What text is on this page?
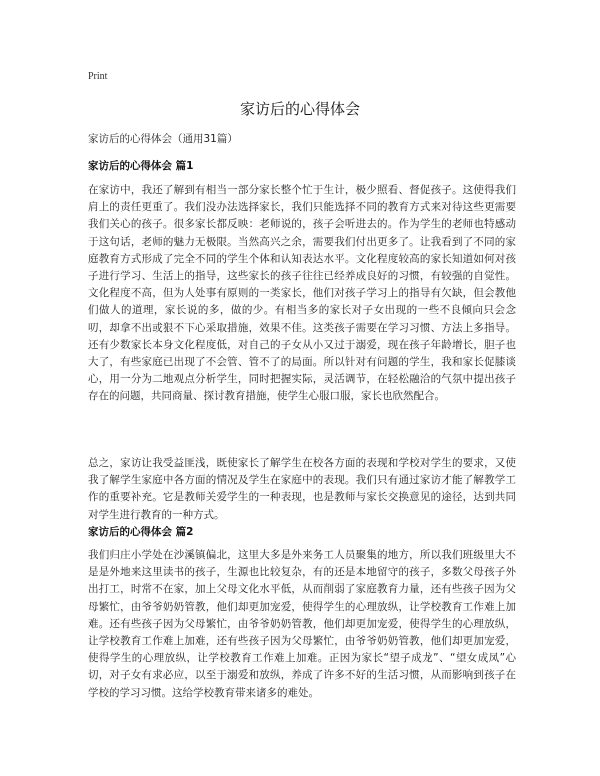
Print
家访后的心得体会
家访后的心得体会（通用31篇）
家访后的心得体会 篇1

在家访中，我还了解到有相当一部分家长整个忙于生计，极少照看、督促孩子。这使得我们肩上的责任更重了。我们没办法选择家长，我们只能选择不同的教育方式来对待这些更需要我们关心的孩子。很多家长都反映：老师说的，孩子会听进去的。作为学生的老师也特感动于这句话，老师的魅力无极限。当然高兴之余，需要我们付出更多了。让我看到了不同的家庭教育方式形成了完全不同的学生个体和认知表达水平。文化程度较高的家长知道如何对孩子进行学习、生活上的指导，这些家长的孩子往往已经养成良好的习惯，有较强的自觉性。文化程度不高，但为人处事有原则的一类家长，他们对孩子学习上的指导有欠缺，但会教他们做人的道理，家长说的多，做的少。有相当多的家长对子女出现的一些不良倾向只会念叨，却拿不出或狠不下心采取措施，效果不佳。这类孩子需要在学习习惯、方法上多指导。还有少数家长本身文化程度低，对自己的子女从小又过于溺爱，现在孩子年龄增长，胆子也大了，有些家庭已出现了不会管、管不了的局面。所以针对有问题的学生，我和家长促膝谈心，用一分为二地观点分析学生，同时把握实际，灵活调节，在轻松融洽的气氛中提出孩子存在的问题，共同商量、探讨教育措施，使学生心服口服，家长也欣然配合。

总之，家访让我受益匪浅，既使家长了解学生在校各方面的表现和学校对学生的要求，又使我了解学生家庭中各方面的情况及学生在家庭中的表现。我们只有通过家访才能了解教学工作的重要补充。它是教师关爱学生的一种表现，也是教师与家长交换意见的途径，达到共同对学生进行教育的一种方式。

家访后的心得体会 篇2

我们归庄小学处在沙溪镇偏北，这里大多是外来务工人员聚集的地方，所以我们班级里大不是是外地来这里读书的孩子，生源也比较复杂，有的还是本地留守的孩子，多数父母孩子外出打工，时常不在家，加上父母文化水平低，从而削弱了家庭教育力量，还有些孩子因为父母繁忙，由爷爷奶奶管教，他们却更加宠爱，使得学生的心理放纵，让学校教育工作难上加难。还有些孩子因为父母繁忙，由爷爷奶奶管教，他们却更加宠爱，使得学生的心理放纵，让学校教育工作难上加难，还有些孩子因为父母繁忙，由爷爷奶奶管教，他们却更加宠爱，使得学生的心理放纵，让学校教育工作难上加难。正因为家长“望子成龙”、“望女成凤”心切，对子女有求必应，以至于溺爱和放纵，养成了许多不好的生活习惯，从而影响到孩子在学校的学习习惯。这给学校教育带来诸多的难处。
